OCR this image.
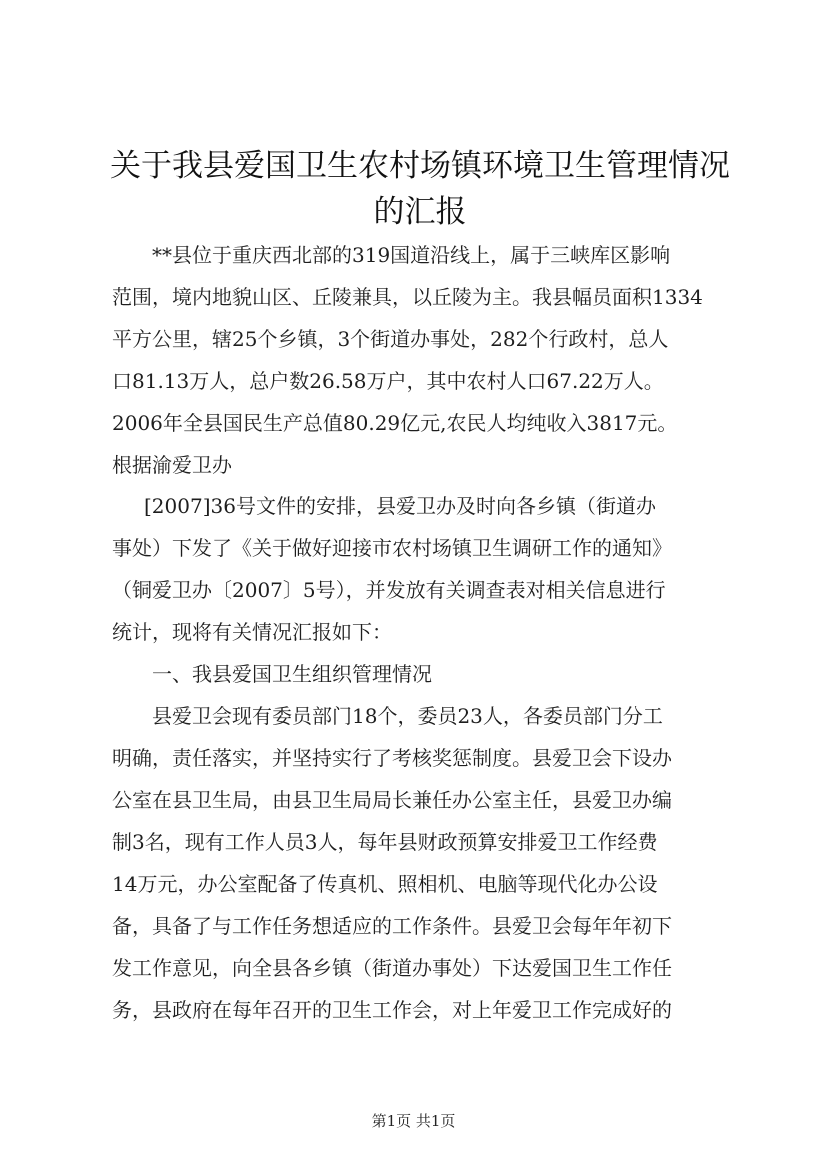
关于我县爱国卫生农村场镇环境卫生管理情况
的汇报

**县位于重庆西北部的319国道沿线上，属于三峡库区影响

范围，境内地貌山区、丘陵兼具，以丘陵为主。我县幅员面积1334

平方公里，辖25个乡镇，3个街道办事处，282个行政村，总人

口81.13万人，总户数26.58万户，其中农村人口67.22万人。

2006年全县国民生产总值80.29亿元,农民人均纯收入3817元。

根据渝爱卫办

[2007]36号文件的安排，县爱卫办及时向各乡镇（街道办

事处）下发了《关于做好迎接市农村场镇卫生调研工作的通知》

（铜爱卫办〔2007〕5号），并发放有关调查表对相关信息进行

统计，现将有关情况汇报如下：

一、我县爱国卫生组织管理情况

县爱卫会现有委员部门18个，委员23人，各委员部门分工

明确，责任落实，并坚持实行了考核奖惩制度。县爱卫会下设办

公室在县卫生局，由县卫生局局长兼任办公室主任，县爱卫办编

制3名，现有工作人员3人，每年县财政预算安排爱卫工作经费

14万元，办公室配备了传真机、照相机、电脑等现代化办公设

备，具备了与工作任务想适应的工作条件。县爱卫会每年年初下

发工作意见，向全县各乡镇（街道办事处）下达爱国卫生工作任

务，县政府在每年召开的卫生工作会，对上年爱卫工作完成好的

第1页 共1页
